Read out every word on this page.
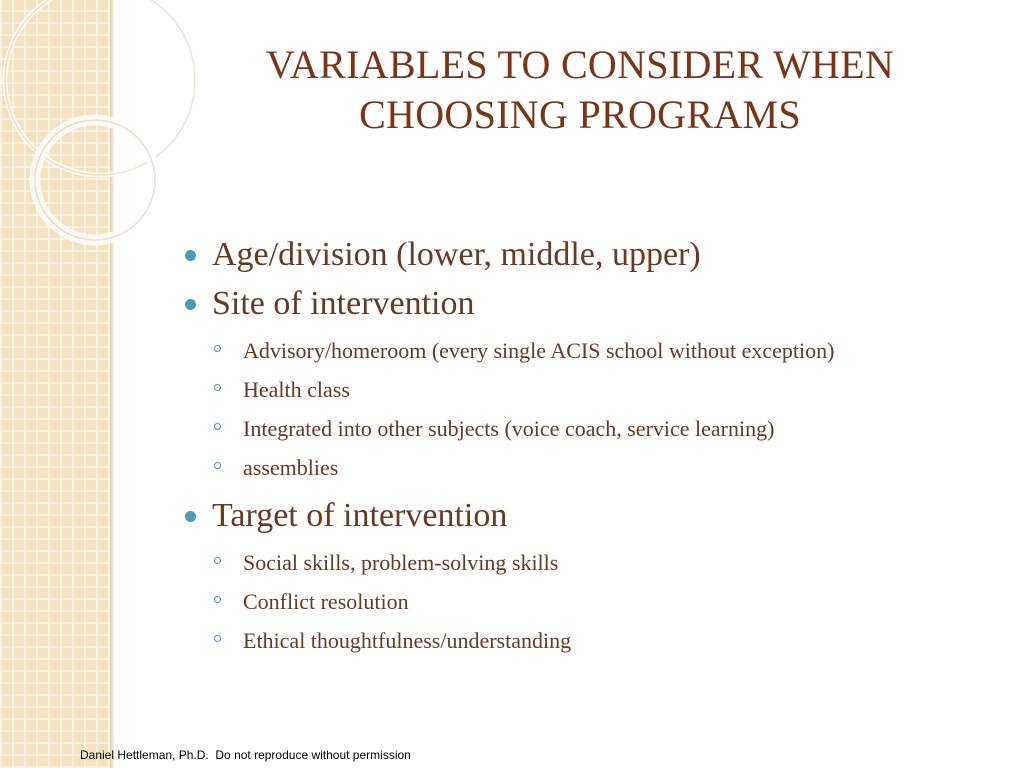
VARIABLES TO CONSIDER WHEN CHOOSING PROGRAMS
Age/division (lower, middle, upper)
Site of intervention
Advisory/homeroom (every single ACIS school without exception)
Health class
Integrated into other subjects (voice coach, service learning)
assemblies
Target of intervention
Social skills, problem-solving skills
Conflict resolution
Ethical thoughtfulness/understanding
Daniel Hettleman, Ph.D.  Do not reproduce without permission
